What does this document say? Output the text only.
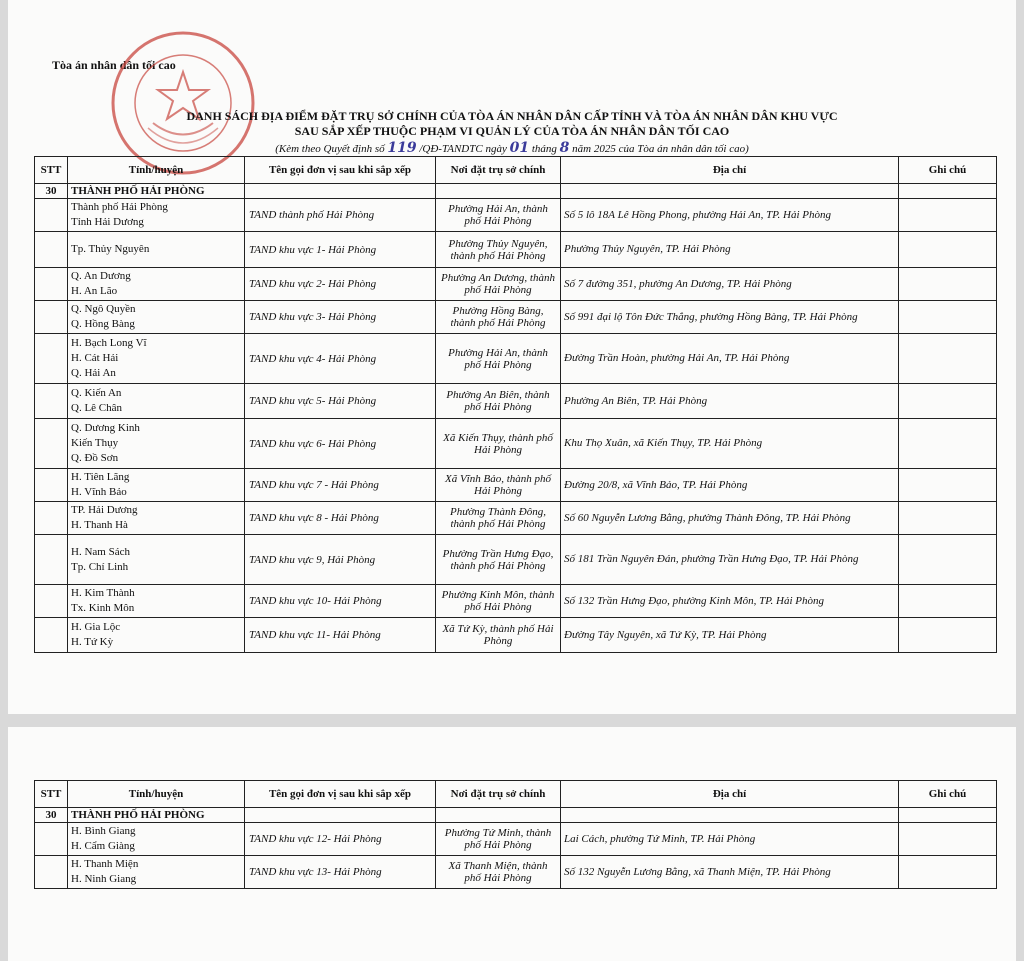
Tòa án nhân dân tối cao
DANH SÁCH ĐỊA ĐIỂM ĐẶT TRỤ SỞ CHÍNH CỦA TÒA ÁN NHÂN DÂN CẤP TỈNH VÀ TÒA ÁN NHÂN DÂN KHU VỰC
SAU SẮP XẾP THUỘC PHẠM VI QUẢN LÝ CỦA TÒA ÁN NHÂN DÂN TỐI CAO
(Kèm theo Quyết định số 119 /QĐ-TANDTC ngày 01 tháng 8 năm 2025 của Tòa án nhân dân tối cao)
STT	Tỉnh/huyện	Tên gọi đơn vị sau khi sắp xếp	Nơi đặt trụ sở chính	Địa chỉ	Ghi chú
30	THÀNH PHỐ HẢI PHÒNG				

	Thành phố Hải Phòng
Tỉnh Hải Dương	TAND thành phố Hải Phòng	Phường Hải An, thành phố Hải Phòng	Số 5 lô 18A Lê Hồng Phong, phường Hải An, TP. Hải Phòng	

	Tp. Thủy Nguyên	TAND khu vực 1- Hải Phòng	Phường Thủy Nguyên, thành phố Hải Phòng	Phường Thủy Nguyên, TP. Hải Phòng	

	Q. An Dương
H. An Lão	TAND khu vực 2- Hải Phòng	Phường An Dương, thành phố Hải Phòng	Số 7 đường 351, phường An Dương, TP. Hải Phòng	

	Q. Ngô Quyền
Q. Hồng Bàng	TAND khu vực 3- Hải Phòng	Phường Hồng Bàng, thành phố Hải Phòng	Số 991 đại lộ Tôn Đức Thắng, phường Hồng Bàng, TP. Hải Phòng	

	H. Bạch Long Vĩ
H. Cát Hải
Q. Hải An	TAND khu vực 4- Hải Phòng	Phường Hải An, thành phố Hải Phòng	Đường Trần Hoàn, phường Hải An, TP. Hải Phòng	

	Q. Kiến An
Q. Lê Chân	TAND khu vực 5- Hải Phòng	Phường An Biên, thành phố Hải Phòng	Phường An Biên, TP. Hải Phòng	

	Q. Dương Kinh
Kiến Thụy
Q. Đồ Sơn	TAND khu vực 6- Hải Phòng	Xã Kiến Thụy, thành phố Hải Phòng	Khu Thọ Xuân, xã Kiến Thụy, TP. Hải Phòng	

	H. Tiên Lãng
H. Vĩnh Bảo	TAND khu vực 7 - Hải Phòng	Xã Vĩnh Bảo, thành phố Hải Phòng	Đường 20/8, xã Vĩnh Bảo, TP. Hải Phòng	

	TP. Hải Dương
H. Thanh Hà	TAND khu vực 8 - Hải Phòng	Phường Thành Đông, thành phố Hải Phòng	Số 60 Nguyễn Lương Bằng, phường Thành Đông, TP. Hải Phòng	

	H. Nam Sách
Tp. Chí Linh	TAND khu vực 9, Hải Phòng	Phường Trần Hưng Đạo, thành phố Hải Phòng	Số 181 Trần Nguyên Đán, phường Trần Hưng Đạo, TP. Hải Phòng	

	H. Kim Thành
Tx. Kinh Môn	TAND khu vực 10- Hải Phòng	Phường Kinh Môn, thành phố Hải Phòng	Số 132 Trần Hưng Đạo, phường Kinh Môn, TP. Hải Phòng	

	H. Gia Lộc
H. Tứ Kỳ	TAND khu vực 11- Hải Phòng	Xã Tứ Kỳ, thành phố Hải Phòng	Đường Tây Nguyên, xã Tứ Kỳ, TP. Hải Phòng	
STT	Tỉnh/huyện	Tên gọi đơn vị sau khi sắp xếp	Nơi đặt trụ sở chính	Địa chỉ	Ghi chú
30	THÀNH PHỐ HẢI PHÒNG				

	H. Bình Giang
H. Cẩm Giàng	TAND khu vực 12- Hải Phòng	Phường Tứ Minh, thành phố Hải Phòng	Lai Cách, phường Tứ Minh, TP. Hải Phòng	

	H. Thanh Miện
H. Ninh Giang	TAND khu vực 13- Hải Phòng	Xã Thanh Miện, thành phố Hải Phòng	Số 132 Nguyễn Lương Bằng, xã Thanh Miện, TP. Hải Phòng	
